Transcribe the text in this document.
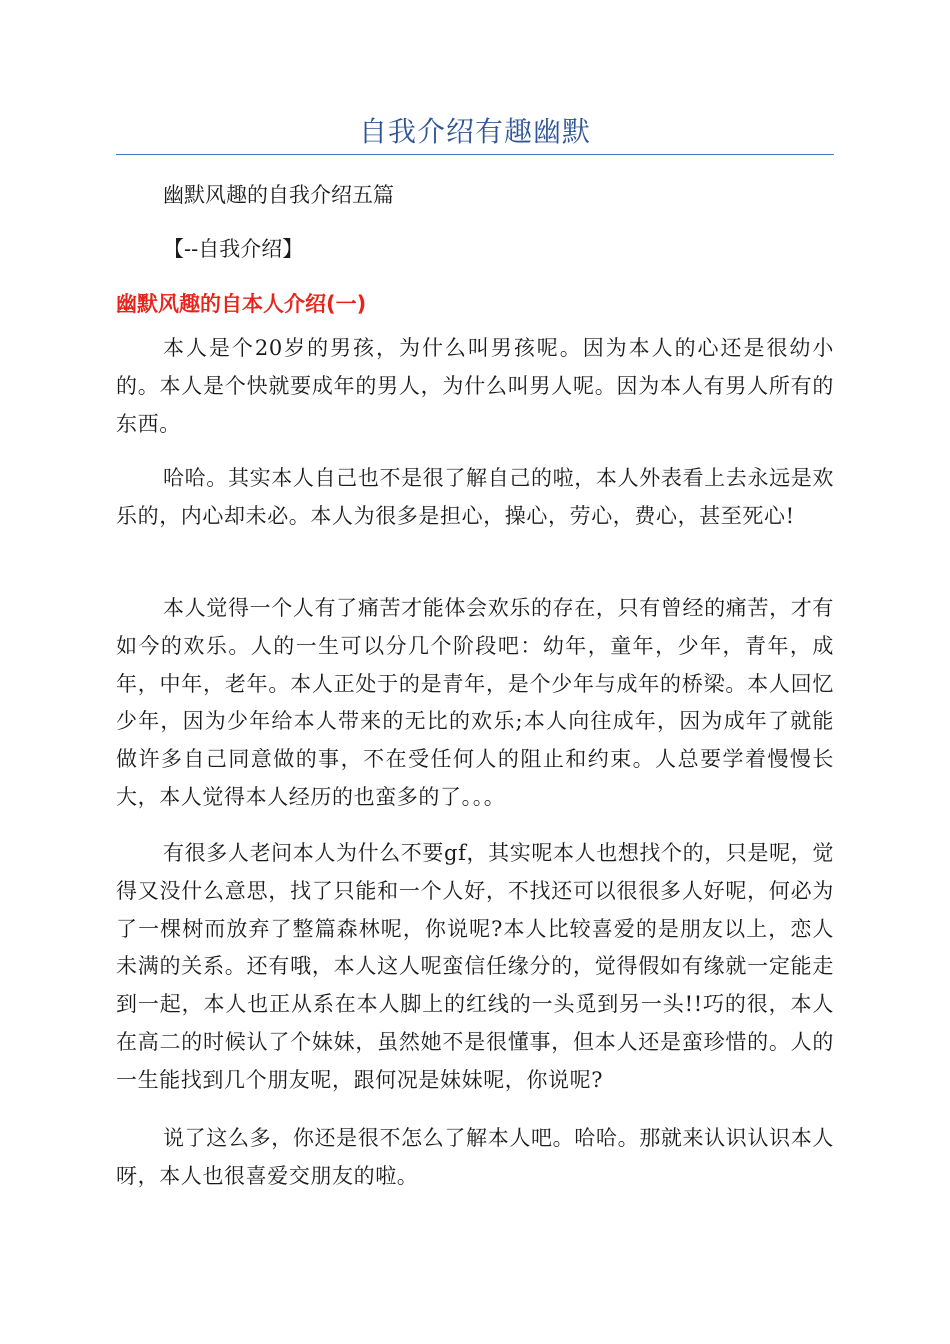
自我介绍有趣幽默
幽默风趣的自我介绍五篇
【--自我介绍】
幽默风趣的自本人介绍(一)

本人是个20岁的男孩，为什么叫男孩呢。因为本人的心还是很幼小的。本人是个快就要成年的男人，为什么叫男人呢。因为本人有男人所有的东西。

哈哈。其实本人自己也不是很了解自己的啦，本人外表看上去永远是欢乐的，内心却未必。本人为很多是担心，操心，劳心，费心，甚至死心!

本人觉得一个人有了痛苦才能体会欢乐的存在，只有曾经的痛苦，才有如今的欢乐。人的一生可以分几个阶段吧：幼年，童年，少年，青年，成年，中年，老年。本人正处于的是青年，是个少年与成年的桥梁。本人回忆少年，因为少年给本人带来的无比的欢乐;本人向往成年，因为成年了就能做许多自己同意做的事，不在受任何人的阻止和约束。人总要学着慢慢长大，本人觉得本人经历的也蛮多的了。。。

有很多人老问本人为什么不要gf，其实呢本人也想找个的，只是呢，觉得又没什么意思，找了只能和一个人好，不找还可以很很多人好呢，何必为了一棵树而放弃了整篇森林呢，你说呢?本人比较喜爱的是朋友以上，恋人未满的关系。还有哦，本人这人呢蛮信任缘分的，觉得假如有缘就一定能走到一起，本人也正从系在本人脚上的红线的一头觅到另一头!!巧的很，本人在高二的时候认了个妹妹，虽然她不是很懂事，但本人还是蛮珍惜的。人的一生能找到几个朋友呢，跟何况是妹妹呢，你说呢?

说了这么多，你还是很不怎么了解本人吧。哈哈。那就来认识认识本人呀，本人也很喜爱交朋友的啦。
